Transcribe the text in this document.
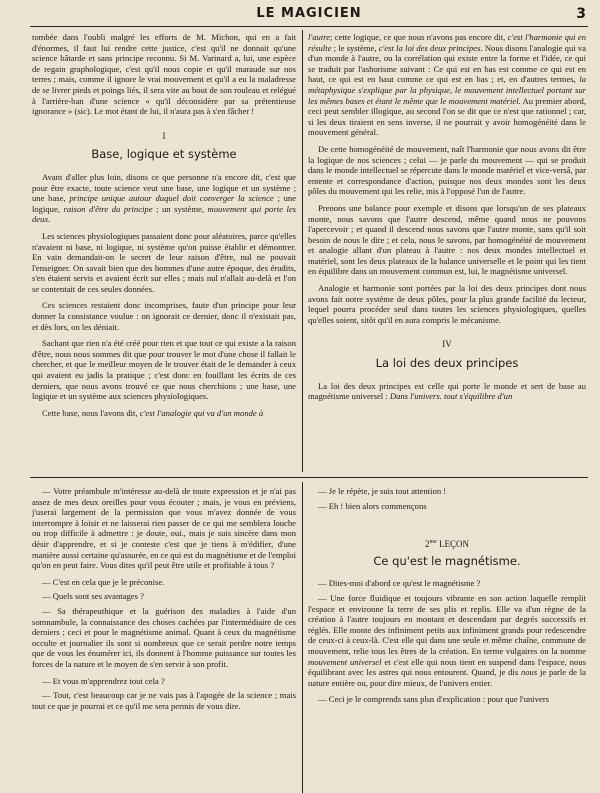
LE MAGICIEN	3

tombée dans l'oubli malgré les efforts de M. Michon, qui en a fait d'énormes, il faut lui rendre cette justice, c'est qu'il ne donnait qu'une science bâtarde et sans principe reconnu. Si M. Varinard a, lui, une espèce de regain graphologique, c'est qu'il nous copie et qu'il maraude sur nos terres ; mais, comme il ignore le vrai mouvement et qu'il a eu la maladresse de se livrer pieds et poings liés, il sera vite au bout de son rouleau et relégué à l'arrière-ban d'une science « qu'il déconsidère par sa prétentieuse ignorance » (sic). Le mot étant de lui, il n'aura pas à s'en fâcher !

I
Base, logique et système

Avant d'aller plus loin, disons ce que personne n'a encore dit, c'est que pour être exacte, toute science veut une base, une logique et un système ; une base, principe unique autour duquel doit converger la science ; une logique, raison d'être du principe ; un système, mouvement qui porte les deux.

Les sciences physiologiques passaient donc pour aléatoires, parce qu'elles n'avaient ni base, ni logique, ni système qu'on puisse établir et démontrer. En vain demandait-on le secret de leur raison d'être, nul ne pouvait l'enseigner. On savait bien que des hommes d'une autre époque, des érudits, s'en étaient servis et avaient écrit sur elles ; mais nul n'allait au-delà et l'on se contentait de ces seules données.

Ces sciences restaient donc incomprises, faute d'un principe pour leur donner la consistance voulue : on ignorait ce dernier, donc il n'existait pas, et dès lors, on les déniait.

Sachant que rien n'a été créé pour rien et que tout ce qui existe a la raison d'être, nous nous sommes dit que pour trouver le mot d'une chose il fallait le chercher, et que le meilleur moyen de le trouver était de le demander à ceux qui avaient eu jadis la pratique ; c'est donc en fouillant les écrits de ces derniers, que nous avons trouvé ce que nous cherchions ; une base, une logique et un système aux sciences physiologiques.

Cette base, nous l'avons dit, c'est l'analogie qui va d'un monde à

l'autre; cette logique, ce que nous n'avons pas encore dit, c'est l'harmonie qui en résulte ; le système, c'est la loi des deux principes. Nous disons l'analogie qui va d'un monde à l'autre, ou la corrélation qui existe entre la forme et l'idée, ce qui se traduit par l'ashorisme suivant : Ce qui est en bas est comme ce qui est en haut, ce qui est en haut comme ce qui est en bas ; et, en d'autres termes, la métaphysique s'explique par la physique, le mouvement intellectuel portant sur les mêmes bases et étant le même que le mouvement matériel. Au premier abord, ceci peut sembler illogique, au second l'on se dit que ce n'est que rationnel ; car, si les deux tiraient en sens inverse, il ne pourrait y avoir homogénéité dans le mouvement général.

De cette homogénéité de mouvement, naît l'harmonie que nous avons dit être la logique de nos sciences ; celui — je parle du mouvement — qui se produit dans le monde intellectuel se répercute dans le monde matériel et vice-versâ, par entente et correspondance d'action, puisque nos deux mondes sont les deux pôles du mouvement qui les relie, mis à l'opposé l'un de l'autre.

Prenons une balance pour exemple et disons que lorsqu'un de ses plateaux monte, nous savons que l'autre descend, même quand nous ne pouvons l'apercevoir ; et quand il descend nous savons que l'autre monte, sans qu'il soit besoin de nous le dire ; et cela, nous le savons, par homogénéité de mouvement et analogie allant d'un plateau à l'autre : nos deux mondes intellectuel et matériel, sont les deux plateaux de la balance universelle et le point qui les tient en équilibre dans un mouvement commun est, lui, le magnétisme universel.

Analogie et harmonie sont portées par la loi des deux principes dont nous avons fait notre système de deux pôles, pour la plus grande facilité du lecteur, lequel pourra procéder seul dans toutes les sciences physiologiques, quelles qu'elles soient, sitôt qu'il en aura compris le mécanisme.

IV
La loi des deux principes

La loi des deux principes est celle qui porte le monde et sert de base au magnétisme universel : Dans l'univers. tout s'équilibre d'un

— Votre préambule m'intéresse au-delà de toute expression et je n'ai pas assez de mes deux oreilles pour vous écouter ; mais, je vous en préviens, j'userai largement de la permission que vous m'avez donnée de vous interrompre à loisir et ne laisserai rien passer de ce qui me semblera louche ou trop difficile à admettre : je doute, oui., mais je suis sincère dans mon désir d'apprendre, et si je conteste c'est que je tiens à m'édifier, d'une manière aussi certaine qu'assurée, en ce qui est du magnétisme et de l'emploi qu'on en peut faire. Vous dites qu'il peut être utile et profitable à tous ?

— C'est en cela que je le préconise.

— Quels sont ses avantages ?

— Sa thérapeuthique et la guérison des maladies à l'aide d'un somnambule, la connaissance des choses cachées par l'intermédiaire de ces derniers ; ceci et pour le magnétisme animal. Quant à ceux du magnétisme occulte et journalier ils sont si nombreux que ce serait perdre notre temps que de vous les énumérer ici, ils donnent à l'homme puissance sur toutes les forces de la nature et le moyen de s'en servir à son profit.

— Et vous m'apprendrez tout cela ?

— Tout, c'est beaucoup car je ne vais pas à l'apogée de la science ; mais tout ce que je pourrai et ce qu'il me sera permis de vous dire.

— Je le répète, je suis tout attention !

— Eh ! bien alors commençons

$2^{me}$ LEÇON
Ce qu'est le magnétisme.

— Dites-moi d'abord ce qu'est le magnétisme ?

— Une force fluidique et toujours vibrante en son action laquelle remplit l'espace et environne la terre de ses plis et replis. Elle va d'un règne de la création à l'autre toujours en montant et descendant par degrés successifs et réglés. Elle monte des infiniment petits aux infiniment grands pour redescendre de ceux-ci à ceux-là. C'est elle qui dans une seule et même chaîne, commune de mouvement, relie tous les êtres de la création. En terme vulgaires on la nomme mouvement universel et c'est elle qui nous tient en suspend dans l'espace, nous équilibrant avec les astres qui nous entourent. Quand, je dis nous je parle de la nature entière ou, pour dire mieux, de l'univers entier.

— Ceci je le comprends sans plus d'explication : pour que l'univers
